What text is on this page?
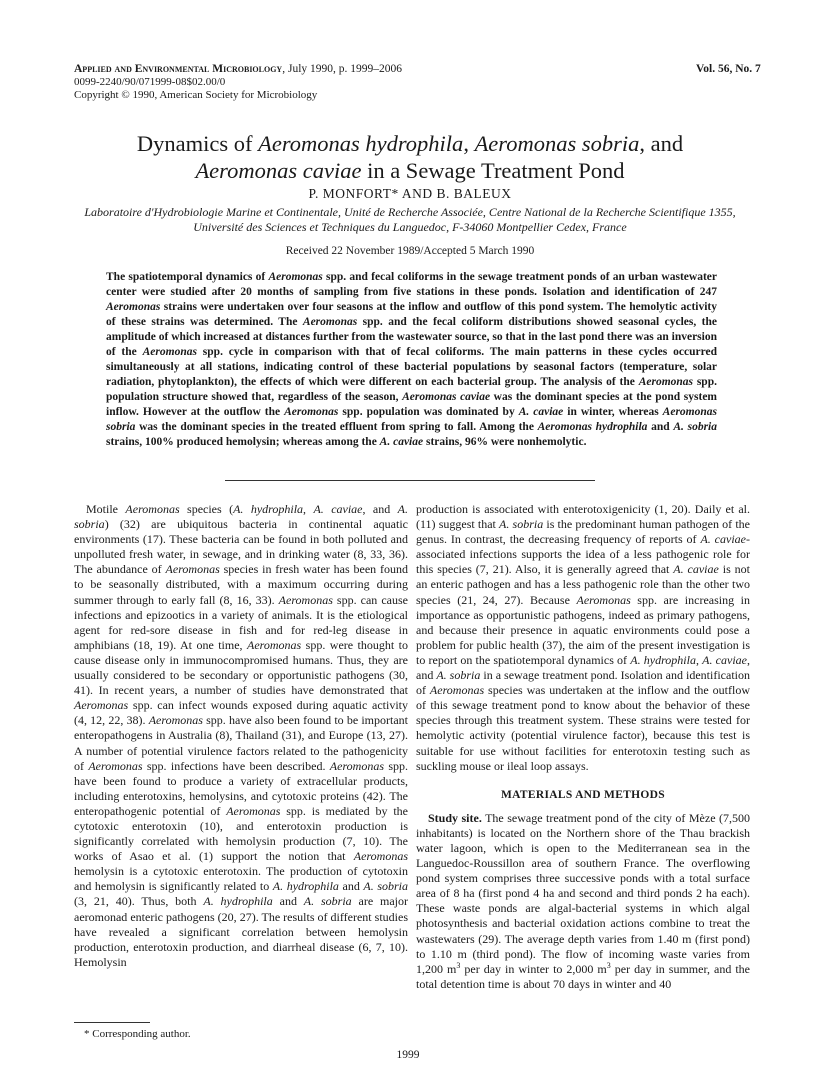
Applied and Environmental Microbiology, July 1990, p. 1999–2006
0099-2240/90/071999-08$02.00/0
Copyright © 1990, American Society for Microbiology
Vol. 56, No. 7
Dynamics of Aeromonas hydrophila, Aeromonas sobria, and
Aeromonas caviae in a Sewage Treatment Pond

P. MONFORT* AND B. BALEUX

Laboratoire d'Hydrobiologie Marine et Continentale, Unité de Recherche Associée, Centre National de la Recherche Scientifique 1355, Université des Sciences et Techniques du Languedoc, F-34060 Montpellier Cedex, France

Received 22 November 1989/Accepted 5 March 1990

The spatiotemporal dynamics of Aeromonas spp. and fecal coliforms in the sewage treatment ponds of an urban wastewater center were studied after 20 months of sampling from five stations in these ponds. Isolation and identification of 247 Aeromonas strains were undertaken over four seasons at the inflow and outflow of this pond system. The hemolytic activity of these strains was determined. The Aeromonas spp. and the fecal coliform distributions showed seasonal cycles, the amplitude of which increased at distances further from the wastewater source, so that in the last pond there was an inversion of the Aeromonas spp. cycle in comparison with that of fecal coliforms. The main patterns in these cycles occurred simultaneously at all stations, indicating control of these bacterial populations by seasonal factors (temperature, solar radiation, phytoplankton), the effects of which were different on each bacterial group. The analysis of the Aeromonas spp. population structure showed that, regardless of the season, Aeromonas caviae was the dominant species at the pond system inflow. However at the outflow the Aeromonas spp. population was dominated by A. caviae in winter, whereas Aeromonas sobria was the dominant species in the treated effluent from spring to fall. Among the Aeromonas hydrophila and A. sobria strains, 100% produced hemolysin; whereas among the A. caviae strains, 96% were nonhemolytic.

Motile Aeromonas species (A. hydrophila, A. caviae, and A. sobria) (32) are ubiquitous bacteria in continental aquatic environments (17). These bacteria can be found in both polluted and unpolluted fresh water, in sewage, and in drinking water (8, 33, 36). The abundance of Aeromonas species in fresh water has been found to be seasonally distributed, with a maximum occurring during summer through to early fall (8, 16, 33). Aeromonas spp. can cause infections and epizootics in a variety of animals. It is the etiological agent for red-sore disease in fish and for red-leg disease in amphibians (18, 19). At one time, Aeromonas spp. were thought to cause disease only in immunocompromised humans. Thus, they are usually considered to be secondary or opportunistic pathogens (30, 41). In recent years, a number of studies have demonstrated that Aeromonas spp. can infect wounds exposed during aquatic activity (4, 12, 22, 38). Aeromonas spp. have also been found to be important enteropathogens in Australia (8), Thailand (31), and Europe (13, 27). A number of potential virulence factors related to the pathogenicity of Aeromonas spp. infections have been described. Aeromonas spp. have been found to produce a variety of extracellular products, including enterotoxins, hemolysins, and cytotoxic proteins (42). The enteropathogenic potential of Aeromonas spp. is mediated by the cytotoxic enterotoxin (10), and enterotoxin production is significantly correlated with hemolysin production (7, 10). The works of Asao et al. (1) support the notion that Aeromonas hemolysin is a cytotoxic enterotoxin. The production of cytotoxin and hemolysin is significantly related to A. hydrophila and A. sobria (3, 21, 40). Thus, both A. hydrophila and A. sobria are major aeromonad enteric pathogens (20, 27). The results of different studies have revealed a significant correlation between hemolysin production, enterotoxin production, and diarrheal disease (6, 7, 10). Hemolysin

production is associated with enterotoxigenicity (1, 20). Daily et al. (11) suggest that A. sobria is the predominant human pathogen of the genus. In contrast, the decreasing frequency of reports of A. caviae-associated infections supports the idea of a less pathogenic role for this species (7, 21). Also, it is generally agreed that A. caviae is not an enteric pathogen and has a less pathogenic role than the other two species (21, 24, 27). Because Aeromonas spp. are increasing in importance as opportunistic pathogens, indeed as primary pathogens, and because their presence in aquatic environments could pose a problem for public health (37), the aim of the present investigation is to report on the spatiotemporal dynamics of A. hydrophila, A. caviae, and A. sobria in a sewage treatment pond. Isolation and identification of Aeromonas species was undertaken at the inflow and the outflow of this sewage treatment pond to know about the behavior of these species through this treatment system. These strains were tested for hemolytic activity (potential virulence factor), because this test is suitable for use without facilities for enterotoxin testing such as suckling mouse or ileal loop assays.

MATERIALS AND METHODS

Study site. The sewage treatment pond of the city of Mèze (7,500 inhabitants) is located on the Northern shore of the Thau brackish water lagoon, which is open to the Mediterranean sea in the Languedoc-Roussillon area of southern France. The overflowing pond system comprises three successive ponds with a total surface area of 8 ha (first pond 4 ha and second and third ponds 2 ha each). These waste ponds are algal-bacterial systems in which algal photosynthesis and bacterial oxidation actions combine to treat the wastewaters (29). The average depth varies from 1.40 m (first pond) to 1.10 m (third pond). The flow of incoming waste varies from 1,200 $m^3$ per day in winter to 2,000 $m^3$ per day in summer, and the total detention time is about 70 days in winter and 40

* Corresponding author.
1999
